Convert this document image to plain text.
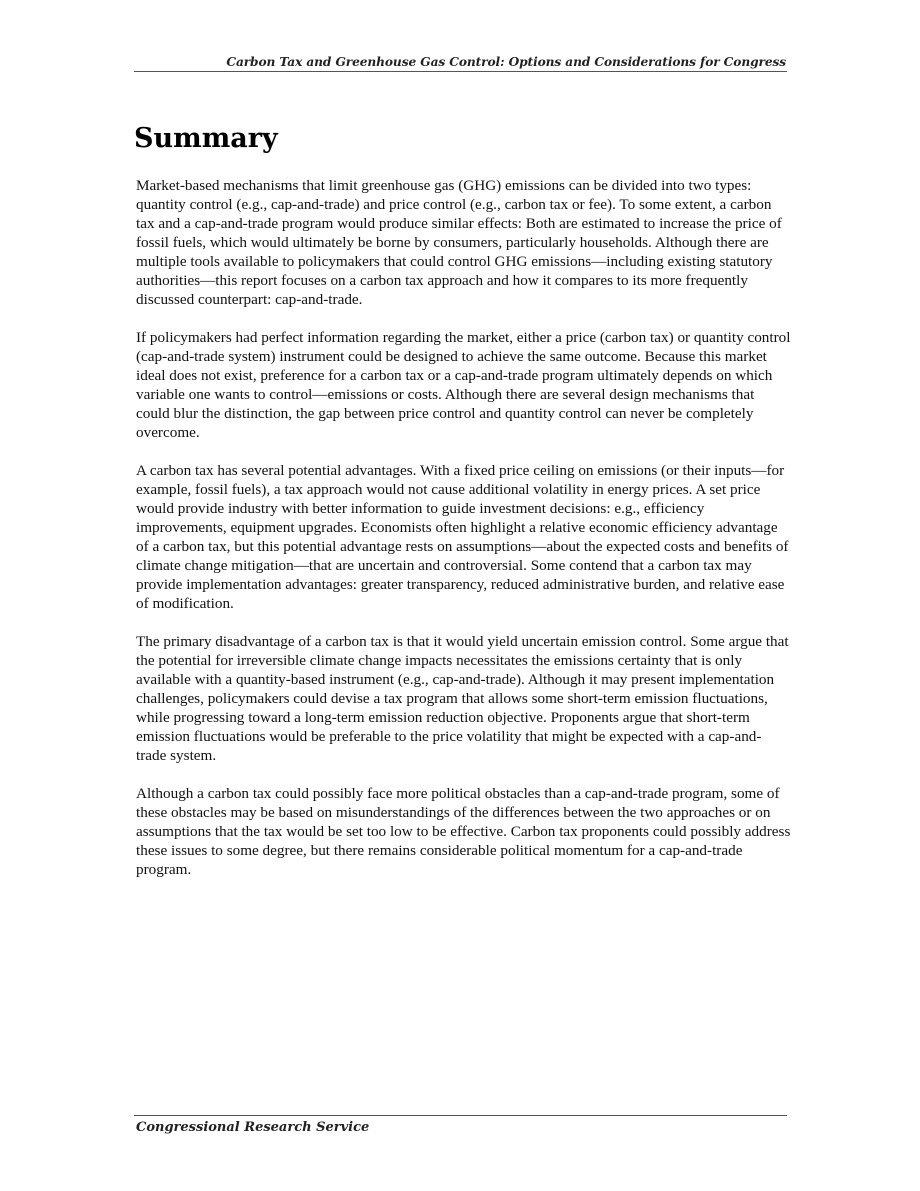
Carbon Tax and Greenhouse Gas Control: Options and Considerations for Congress
Summary

Market-based mechanisms that limit greenhouse gas (GHG) emissions can be divided into two types: quantity control (e.g., cap-and-trade) and price control (e.g., carbon tax or fee). To some extent, a carbon tax and a cap-and-trade program would produce similar effects: Both are estimated to increase the price of fossil fuels, which would ultimately be borne by consumers, particularly households. Although there are multiple tools available to policymakers that could control GHG emissions—including existing statutory authorities—this report focuses on a carbon tax approach and how it compares to its more frequently discussed counterpart: cap-and-trade.

If policymakers had perfect information regarding the market, either a price (carbon tax) or quantity control (cap-and-trade system) instrument could be designed to achieve the same outcome. Because this market ideal does not exist, preference for a carbon tax or a cap-and-trade program ultimately depends on which variable one wants to control—emissions or costs. Although there are several design mechanisms that could blur the distinction, the gap between price control and quantity control can never be completely overcome.

A carbon tax has several potential advantages. With a fixed price ceiling on emissions (or their inputs—for example, fossil fuels), a tax approach would not cause additional volatility in energy prices. A set price would provide industry with better information to guide investment decisions: e.g., efficiency improvements, equipment upgrades. Economists often highlight a relative economic efficiency advantage of a carbon tax, but this potential advantage rests on assumptions—about the expected costs and benefits of climate change mitigation—that are uncertain and controversial. Some contend that a carbon tax may provide implementation advantages: greater transparency, reduced administrative burden, and relative ease of modification.

The primary disadvantage of a carbon tax is that it would yield uncertain emission control. Some argue that the potential for irreversible climate change impacts necessitates the emissions certainty that is only available with a quantity-based instrument (e.g., cap-and-trade). Although it may present implementation challenges, policymakers could devise a tax program that allows some short-term emission fluctuations, while progressing toward a long-term emission reduction objective. Proponents argue that short-term emission fluctuations would be preferable to the price volatility that might be expected with a cap-and-trade system.

Although a carbon tax could possibly face more political obstacles than a cap-and-trade program, some of these obstacles may be based on misunderstandings of the differences between the two approaches or on assumptions that the tax would be set too low to be effective. Carbon tax proponents could possibly address these issues to some degree, but there remains considerable political momentum for a cap-and-trade program.

Congressional Research Service
